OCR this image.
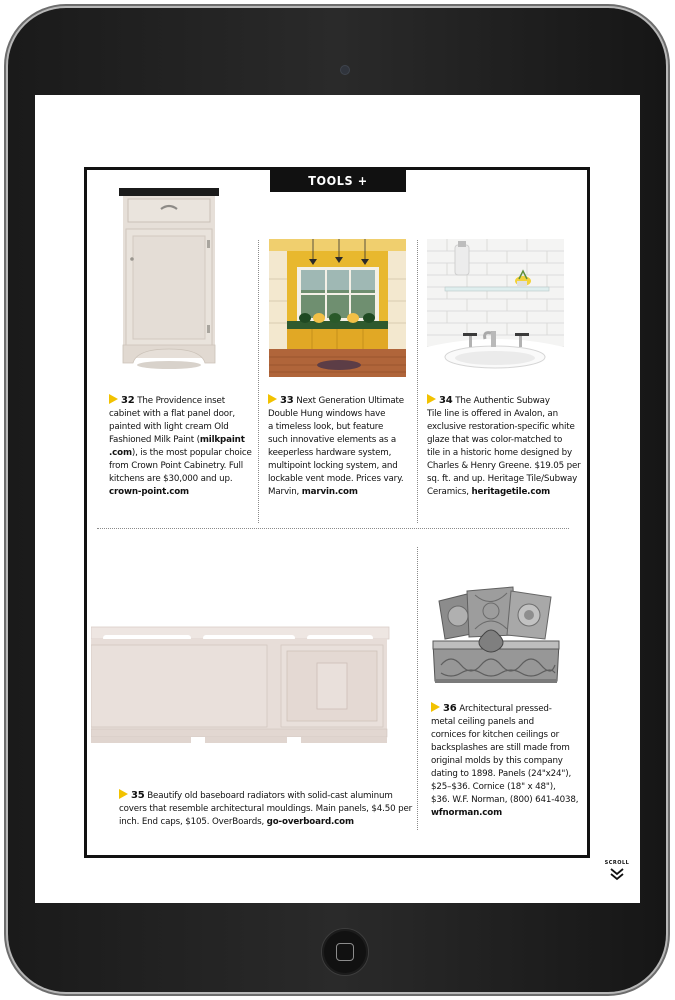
TOOLS + MATERIALS
32 The Providence inset
cabinet with a flat panel door,
painted with light cream Old
Fashioned Milk Paint (milkpaint
.com), is the most popular choice
from Crown Point Cabinetry. Full
kitchens are $30,000 and up.
crown-point.com
33 Next Generation Ultimate
Double Hung windows have
a timeless look, but feature
such innovative elements as a
keeperless hardware system,
multipoint locking system, and
lockable vent mode. Prices vary.
Marvin, marvin.com
34 The Authentic Subway
Tile line is offered in Avalon, an
exclusive restoration-specific white
glaze that was color-matched to
tile in a historic home designed by
Charles & Henry Greene. $19.05 per
sq. ft. and up. Heritage Tile/Subway
Ceramics, heritagetile.com
35 Beautify old baseboard radiators with solid-cast aluminum
covers that resemble architectural mouldings. Main panels, $4.50 per
inch. End caps, $105. OverBoards, go-overboard.com
36 Architectural pressed-
metal ceiling panels and
cornices for kitchen ceilings or
backsplashes are still made from
original molds by this company
dating to 1898. Panels (24"x24"),
$25–$36. Cornice (18" x 48"),
$36. W.F. Norman, (800) 641-4038,
wfnorman.com
SCROLL
